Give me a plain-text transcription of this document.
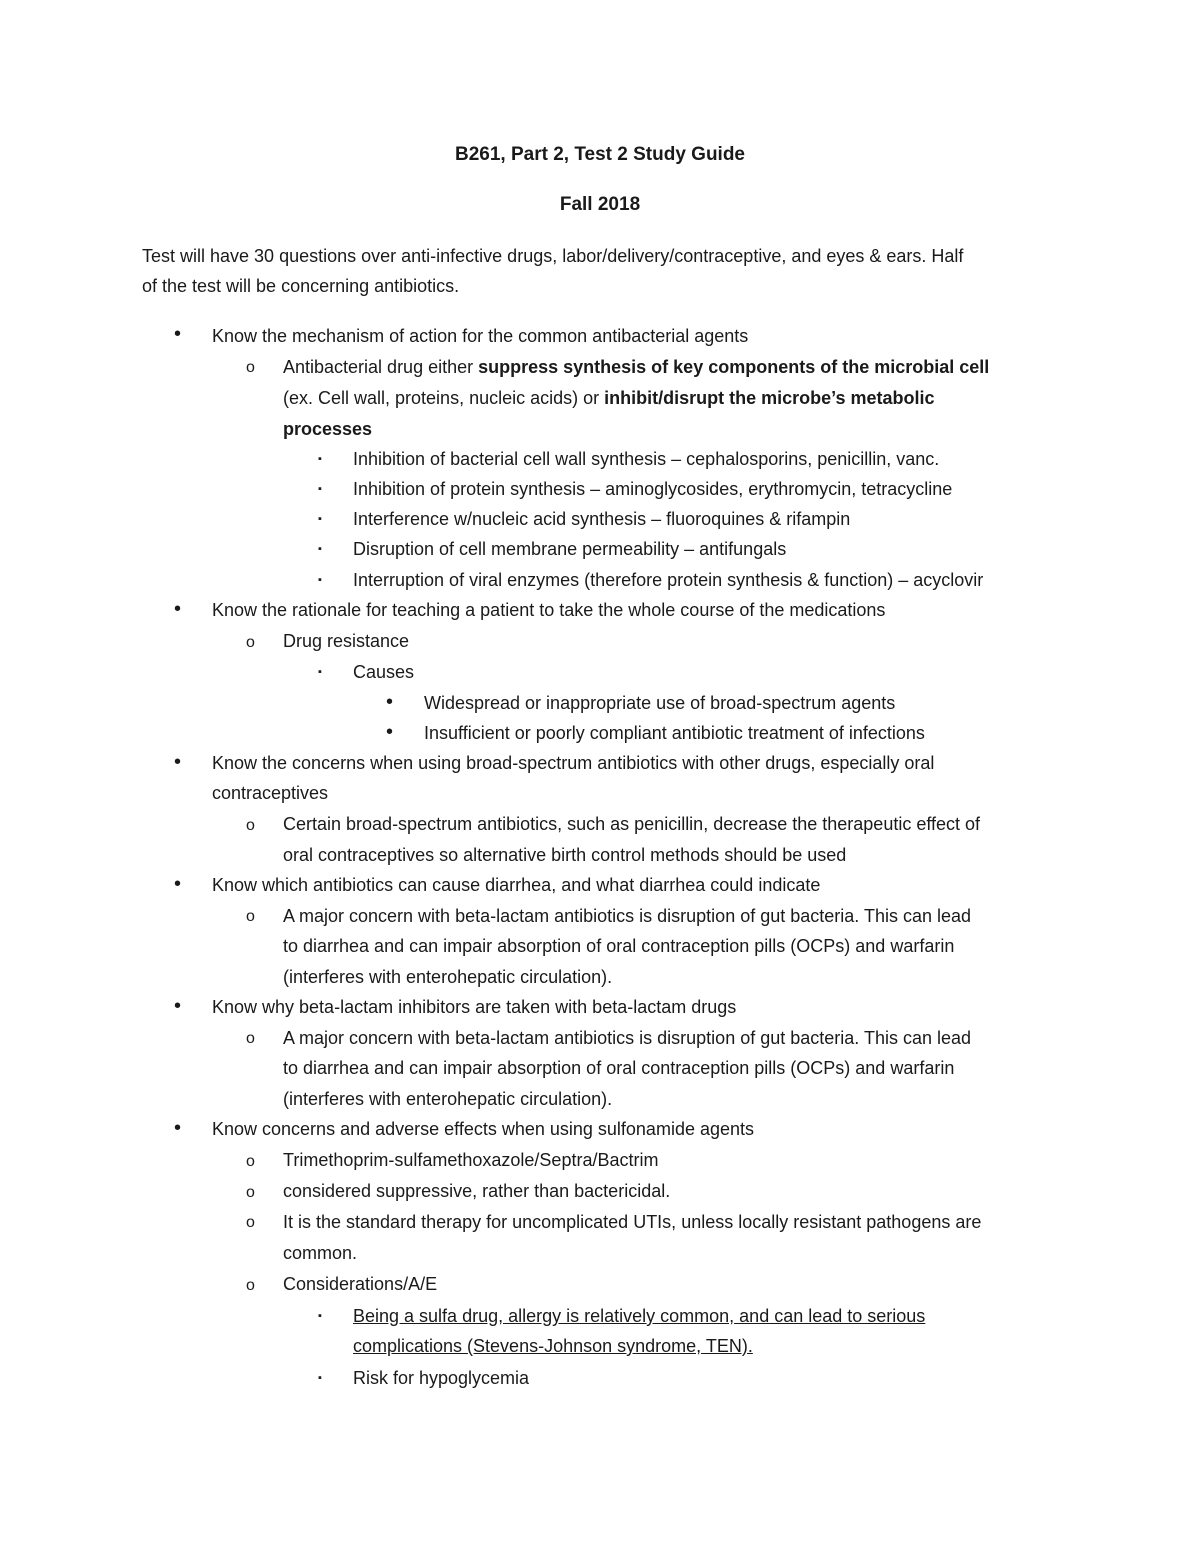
B261, Part 2, Test 2 Study Guide
Fall 2018
Test will have 30 questions over anti-infective drugs, labor/delivery/contraceptive, and eyes & ears. Half
of the test will be concerning antibiotics.
• Know the mechanism of action for the common antibacterial agents
o Antibacterial drug either suppress synthesis of key components of the microbial cell
(ex. Cell wall, proteins, nucleic acids) or inhibit/disrupt the microbe’s metabolic
processes
▪ Inhibition of bacterial cell wall synthesis – cephalosporins, penicillin, vanc.
▪ Inhibition of protein synthesis – aminoglycosides, erythromycin, tetracycline
▪ Interference w/nucleic acid synthesis – fluoroquines & rifampin
▪ Disruption of cell membrane permeability – antifungals
▪ Interruption of viral enzymes (therefore protein synthesis & function) – acyclovir
• Know the rationale for teaching a patient to take the whole course of the medications
o Drug resistance
▪ Causes
• Widespread or inappropriate use of broad-spectrum agents
• Insufficient or poorly compliant antibiotic treatment of infections
• Know the concerns when using broad-spectrum antibiotics with other drugs, especially oral
contraceptives
o Certain broad-spectrum antibiotics, such as penicillin, decrease the therapeutic effect of
oral contraceptives so alternative birth control methods should be used
• Know which antibiotics can cause diarrhea, and what diarrhea could indicate
o A major concern with beta-lactam antibiotics is disruption of gut bacteria. This can lead
to diarrhea and can impair absorption of oral contraception pills (OCPs) and warfarin
(interferes with enterohepatic circulation).
• Know why beta-lactam inhibitors are taken with beta-lactam drugs
o A major concern with beta-lactam antibiotics is disruption of gut bacteria. This can lead
to diarrhea and can impair absorption of oral contraception pills (OCPs) and warfarin
(interferes with enterohepatic circulation).
• Know concerns and adverse effects when using sulfonamide agents
o Trimethoprim-sulfamethoxazole/Septra/Bactrim
o considered suppressive, rather than bactericidal.
o It is the standard therapy for uncomplicated UTIs, unless locally resistant pathogens are
common.
o Considerations/A/E
▪ Being a sulfa drug, allergy is relatively common, and can lead to serious
complications (Stevens-Johnson syndrome, TEN).
▪ Risk for hypoglycemia
